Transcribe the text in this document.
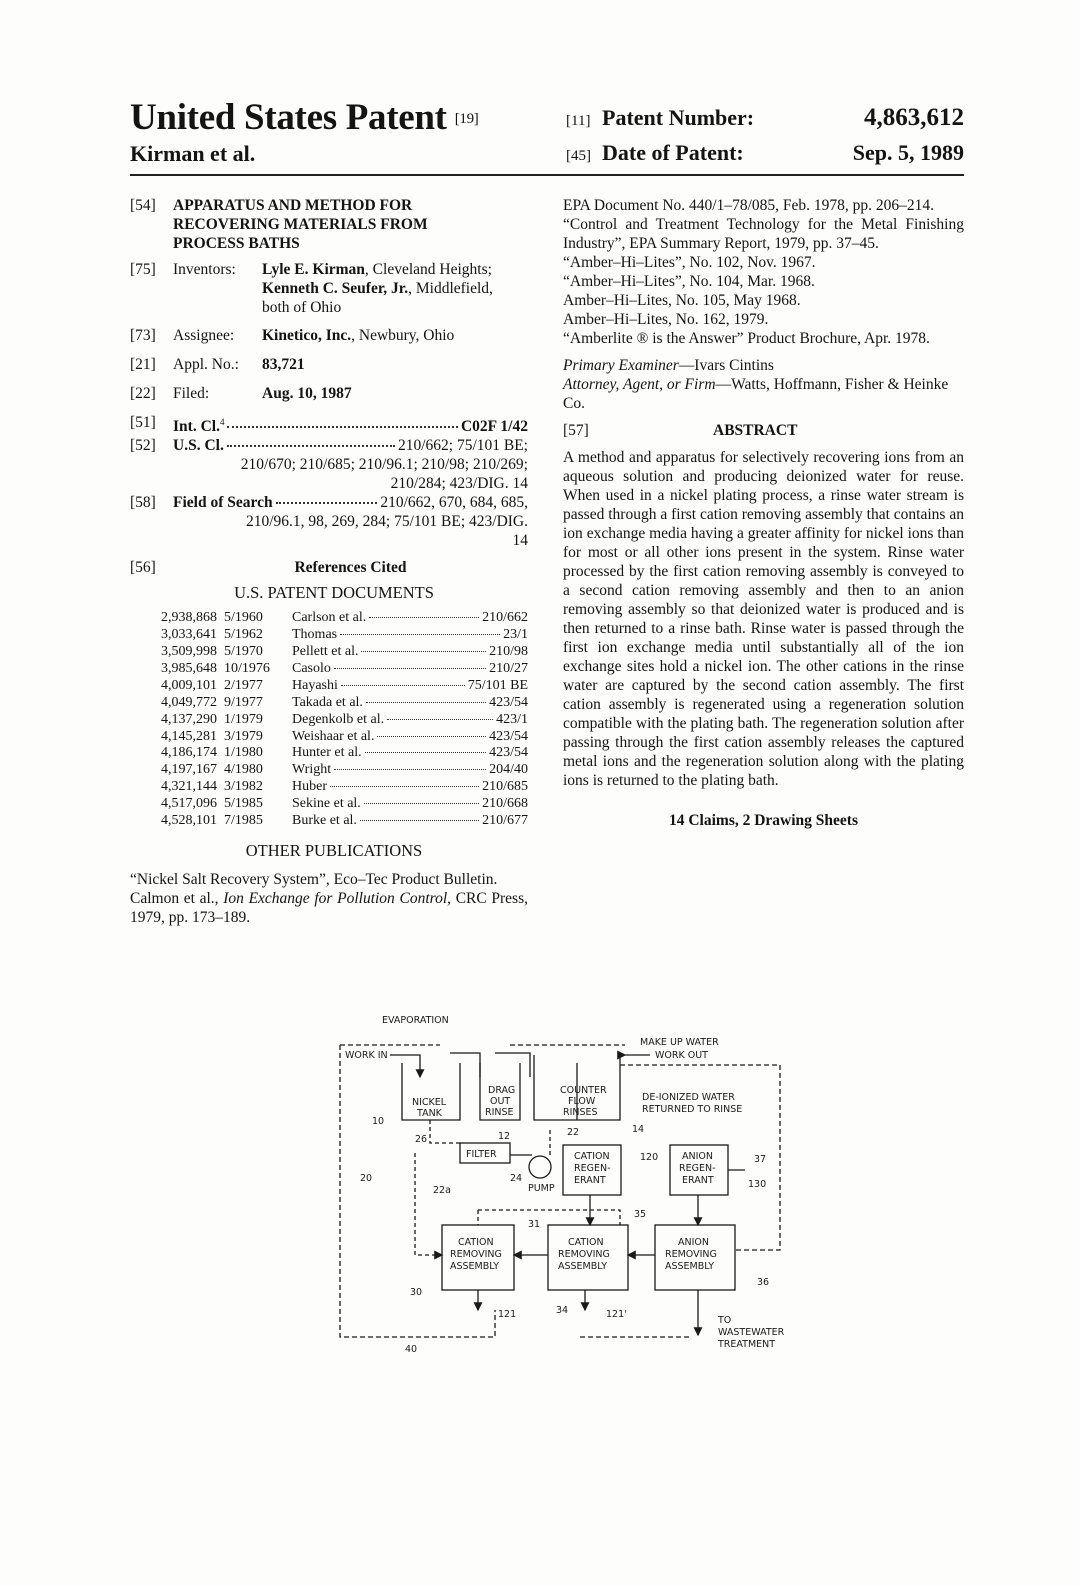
United States Patent [19]
Kirman et al.
[11] Patent Number:	4,863,612
[45] Date of Patent:	Sep. 5, 1989
[54] APPARATUS AND METHOD FOR
RECOVERING MATERIALS FROM
PROCESS BATHS
[75] Inventors:	Lyle E. Kirman, Cleveland Heights;
Kenneth C. Seufer, Jr., Middlefield,
both of Ohio
[73] Assignee:	Kinetico, Inc., Newbury, Ohio
[21] Appl. No.:	83,721
[22] Filed:	Aug. 10, 1987
[51] Int. Cl.$^4$	C02F 1/42
[52] U.S. Cl.	210/662; 75/101 BE;
210/670; 210/685; 210/96.1; 210/98; 210/269;
210/284; 423/DIG. 14
[58] Field of Search	210/662, 670, 684, 685,
210/96.1, 98, 269, 284; 75/101 BE; 423/DIG.
14
[56]	References Cited
U.S. PATENT DOCUMENTS
2,938,868 5/1960	Carlson et al.	210/662
3,033,641 5/1962	Thomas	23/1
3,509,998 5/1970	Pellett et al.	210/98
3,985,648 10/1976	Casolo	210/27
4,009,101 2/1977	Hayashi	75/101 BE
4,049,772 9/1977	Takada et al.	423/54
4,137,290 1/1979	Degenkolb et al.	423/1
4,145,281 3/1979	Weishaar et al.	423/54
4,186,174 1/1980	Hunter et al.	423/54
4,197,167 4/1980	Wright	204/40
4,321,144 3/1982	Huber	210/685
4,517,096 5/1985	Sekine et al.	210/668
4,528,101 7/1985	Burke et al.	210/677
OTHER PUBLICATIONS
“Nickel Salt Recovery System”, Eco–Tec Product Bulletin.
Calmon et al., Ion Exchange for Pollution Control, CRC Press, 1979, pp. 173–189.
EPA Document No. 440/1–78/085, Feb. 1978, pp. 206–214.
“Control and Treatment Technology for the Metal Finishing Industry”, EPA Summary Report, 1979, pp. 37–45.
“Amber–Hi–Lites”, No. 102, Nov. 1967.
“Amber–Hi–Lites”, No. 104, Mar. 1968.
Amber–Hi–Lites, No. 105, May 1968.
Amber–Hi–Lites, No. 162, 1979.
“Amberlite ® is the Answer” Product Brochure, Apr. 1978.
Primary Examiner—Ivars Cintins
Attorney, Agent, or Firm—Watts, Hoffmann, Fisher & Heinke Co.
[57]	ABSTRACT
A method and apparatus for selectively recovering ions from an aqueous solution and producing deionized water for reuse. When used in a nickel plating process, a rinse water stream is passed through a first cation removing assembly that contains an ion exchange media having a greater affinity for nickel ions than for most or all other ions present in the system. Rinse water processed by the first cation removing assembly is conveyed to a second cation removing assembly and then to an anion removing assembly so that deionized water is produced and is then returned to a rinse bath. Rinse water is passed through the first ion exchange media until substantially all of the ion exchange sites hold a nickel ion. The other cations in the rinse water are captured by the second cation assembly. The first cation assembly is regenerated using a regeneration solution compatible with the plating bath. The regeneration solution after passing through the first cation assembly releases the captured metal ions and the regeneration solution along with the plating ions is returned to the plating bath.
14 Claims, 2 Drawing Sheets
EVAPORATION
MAKE UP WATER
WORK OUT
WORK IN
NICKEL
TANK
DRAG
OUT
RINSE
COUNTER
FLOW
RINSES
DE-IONIZED WATER
RETURNED TO RINSE
FILTER
PUMP
CATION
REGEN-
ERANT
ANION
REGEN-
ERANT
CATION
REMOVING
ASSEMBLY
CATION
REMOVING
ASSEMBLY
ANION
REMOVING
ASSEMBLY
TO
WASTEWATER
TREATMENT
10
12
14
20
22
22a
24
26
30
31
34
35
36
37
40
120
121	121'
130
